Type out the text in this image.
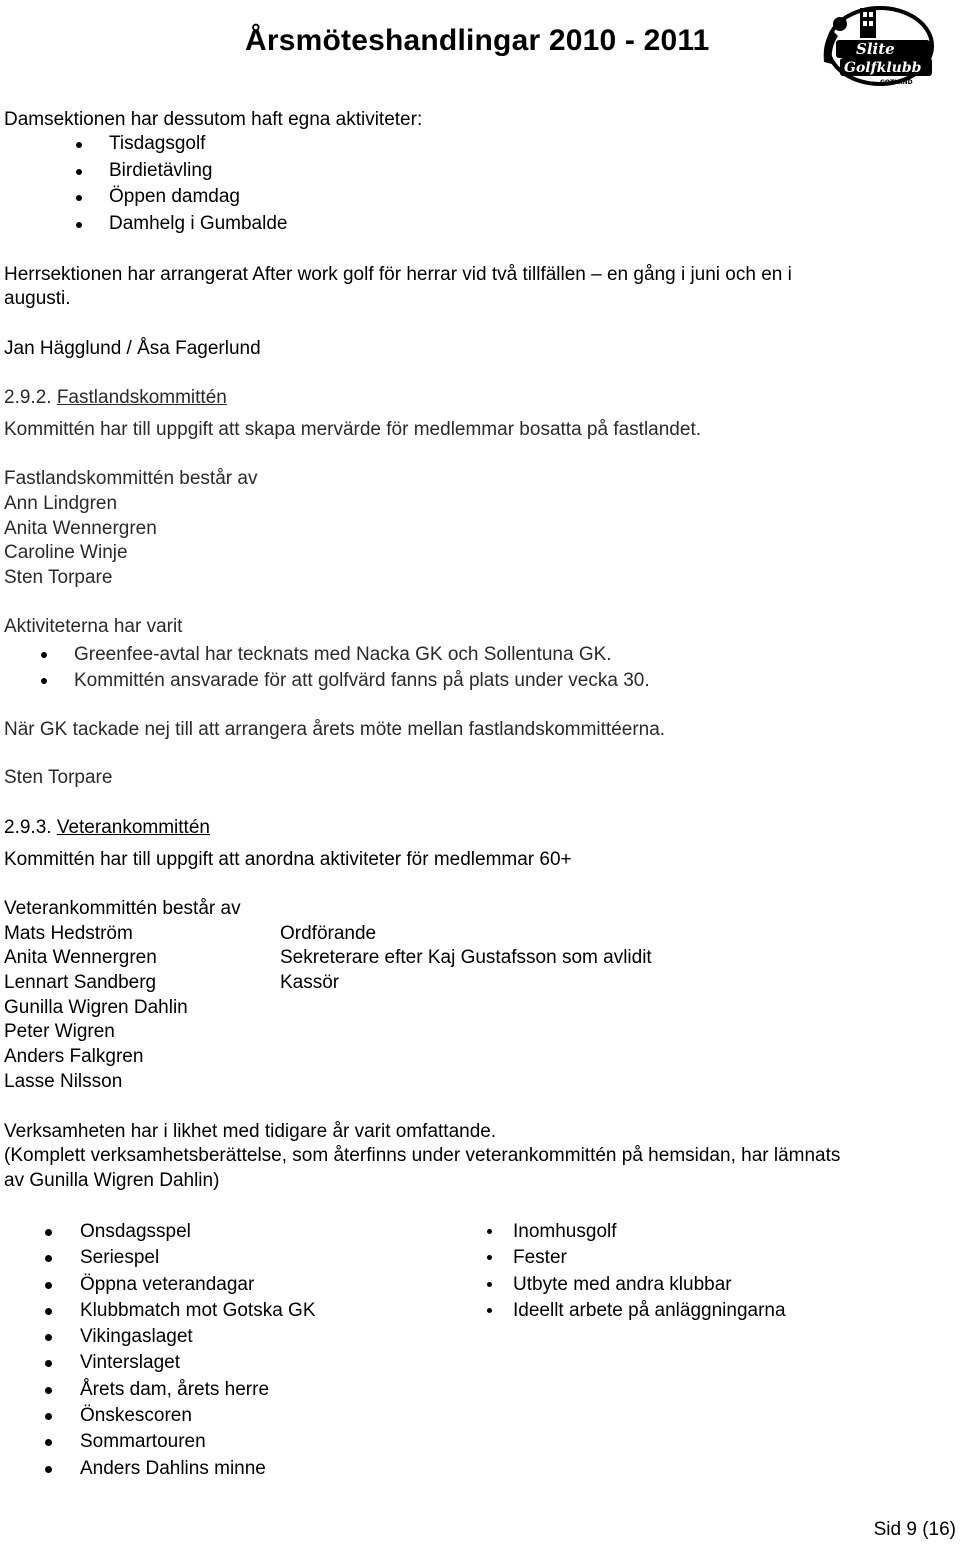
Årsmöteshandlingar 2010 - 2011	Slite
Golfklubb
GOTLAND
Damsektionen har dessutom haft egna aktiviteter:
Tisdagsgolf
Birdietävling
Öppen damdag
Damhelg i Gumbalde
Herrsektionen har arrangerat After work golf för herrar vid två tillfällen – en gång i juni och en i
augusti.
Jan Hägglund / Åsa Fagerlund
2.9.2. Fastlandskommittén
Kommittén har till uppgift att skapa mervärde för medlemmar bosatta på fastlandet.
Fastlandskommittén består av
Ann Lindgren
Anita Wennergren
Caroline Winje
Sten Torpare
Aktiviteterna har varit
Greenfee-avtal har tecknats med Nacka GK och Sollentuna GK.
Kommittén ansvarade för att golfvärd fanns på plats under vecka 30.
När GK tackade nej till att arrangera årets möte mellan fastlandskommittéerna.
Sten Torpare
2.9.3. Veterankommittén
Kommittén har till uppgift att anordna aktiviteter för medlemmar 60+
Veterankommittén består av
Mats Hedström	Ordförande
Anita Wennergren	Sekreterare efter Kaj Gustafsson som avlidit
Lennart Sandberg	Kassör
Gunilla Wigren Dahlin
Peter Wigren
Anders Falkgren
Lasse Nilsson
Verksamheten har i likhet med tidigare år varit omfattande.
(Komplett verksamhetsberättelse, som återfinns under veterankommittén på hemsidan, har lämnats
av Gunilla Wigren Dahlin)
Onsdagsspel
Seriespel
Öppna veterandagar
Klubbmatch mot Gotska GK
Vikingaslaget
Vinterslaget
Årets dam, årets herre
Önskescoren
Sommartouren
Anders Dahlins minne
Inomhusgolf
Fester
Utbyte med andra klubbar
Ideellt arbete på anläggningarna
Sid 9 (16)
